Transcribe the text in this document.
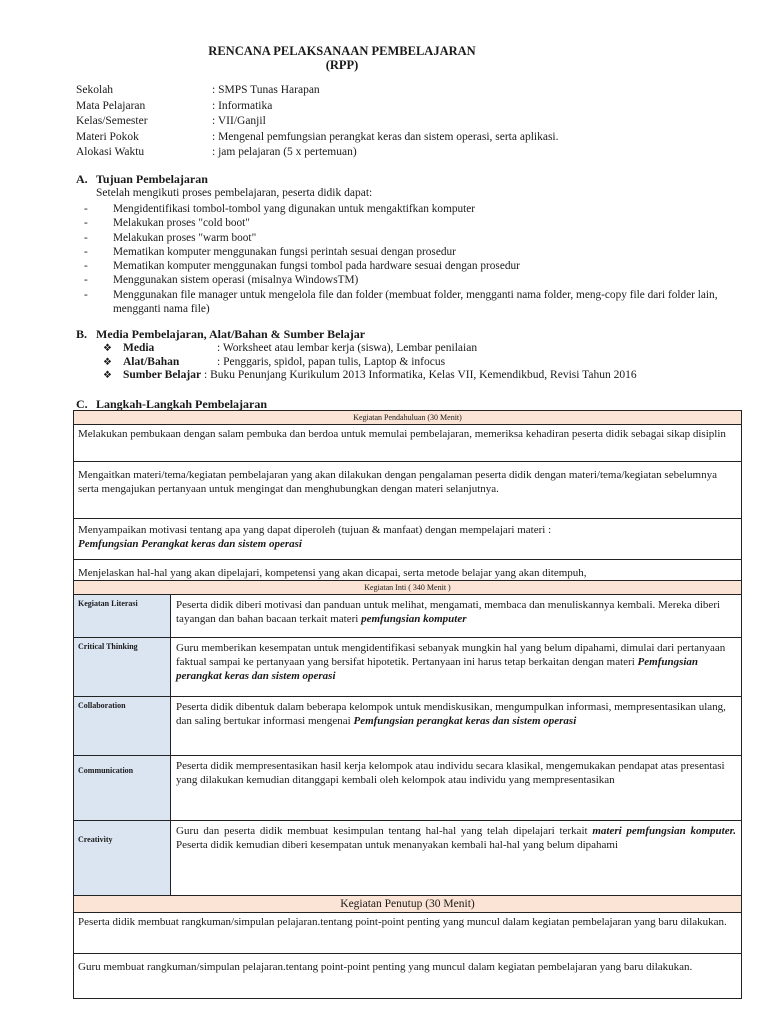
RENCANA PELAKSANAAN PEMBELAJARAN
(RPP)
Sekolah	: SMPS Tunas Harapan
Mata Pelajaran	: Informatika
Kelas/Semester	: VII/Ganjil
Materi Pokok	: Mengenal pemfungsian perangkat keras dan sistem operasi, serta aplikasi.
Alokasi Waktu	: jam pelajaran (5 x pertemuan)
A. Tujuan Pembelajaran
Setelah mengikuti proses pembelajaran, peserta didik dapat:
-	Mengidentifikasi tombol-tombol yang digunakan untuk mengaktifkan komputer
-	Melakukan proses "cold boot"
-	Melakukan proses "warm boot"
-	Mematikan komputer menggunakan fungsi perintah sesuai dengan prosedur
-	Mematikan komputer menggunakan fungsi tombol pada hardware sesuai dengan prosedur
-	Menggunakan sistem operasi (misalnya WindowsTM)
-	Menggunakan file manager untuk mengelola file dan folder (membuat folder, mengganti nama folder, meng-copy file dari folder lain, mengganti nama file)
B. Media Pembelajaran, Alat/Bahan & Sumber Belajar
❖ Media	: Worksheet atau lembar kerja (siswa), Lembar penilaian
❖ Alat/Bahan	: Penggaris, spidol, papan tulis, Laptop & infocus
❖ Sumber Belajar : Buku Penunjang Kurikulum 2013 Informatika, Kelas VII, Kemendikbud, Revisi Tahun 2016
C. Langkah-Langkah Pembelajaran
Kegiatan Pendahuluan (30 Menit)	
Melakukan pembukaan dengan salam pembuka dan berdoa untuk memulai pembelajaran, memeriksa kehadiran peserta didik sebagai sikap disiplin	
Mengaitkan materi/tema/kegiatan pembelajaran yang akan dilakukan dengan pengalaman peserta didik dengan materi/tema/kegiatan sebelumnya serta mengajukan pertanyaan untuk mengingat dan menghubungkan dengan materi selanjutnya.	

Menyampaikan motivasi tentang apa yang dapat diperoleh (tujuan & manfaat) dengan mempelajari materi :
Pemfungsian Perangkat keras dan sistem operasi	

Menjelaskan hal-hal yang akan dipelajari, kompetensi yang akan dicapai, serta metode belajar yang akan ditempuh,	
Kegiatan Inti ( 340 Menit )	
Kegiatan Literasi	Peserta didik diberi motivasi dan panduan untuk melihat, mengamati, membaca dan menuliskannya kembali. Mereka diberi tayangan dan bahan bacaan terkait materi pemfungsian komputer
Critical Thinking	Guru memberikan kesempatan untuk mengidentifikasi sebanyak mungkin hal yang belum dipahami, dimulai dari pertanyaan faktual sampai ke pertanyaan yang bersifat hipotetik. Pertanyaan ini harus tetap berkaitan dengan materi Pemfungsian perangkat keras dan sistem operasi
Collaboration	Peserta didik dibentuk dalam beberapa kelompok untuk mendiskusikan, mengumpulkan informasi, mempresentasikan ulang, dan saling bertukar informasi mengenai Pemfungsian perangkat keras dan sistem operasi
Communication	Peserta didik mempresentasikan hasil kerja kelompok atau individu secara klasikal, mengemukakan pendapat atas presentasi yang dilakukan kemudian ditanggapi kembali oleh kelompok atau individu yang mempresentasikan
Creativity	Guru dan peserta didik membuat kesimpulan tentang hal-hal yang telah dipelajari terkait materi pemfungsian komputer. Peserta didik kemudian diberi kesempatan untuk menanyakan kembali hal-hal yang belum dipahami
Kegiatan Penutup (30 Menit)	
Peserta didik membuat rangkuman/simpulan pelajaran.tentang point-point penting yang muncul dalam kegiatan pembelajaran yang baru dilakukan.	
Guru membuat rangkuman/simpulan pelajaran.tentang point-point penting yang muncul dalam kegiatan pembelajaran yang baru dilakukan.	
